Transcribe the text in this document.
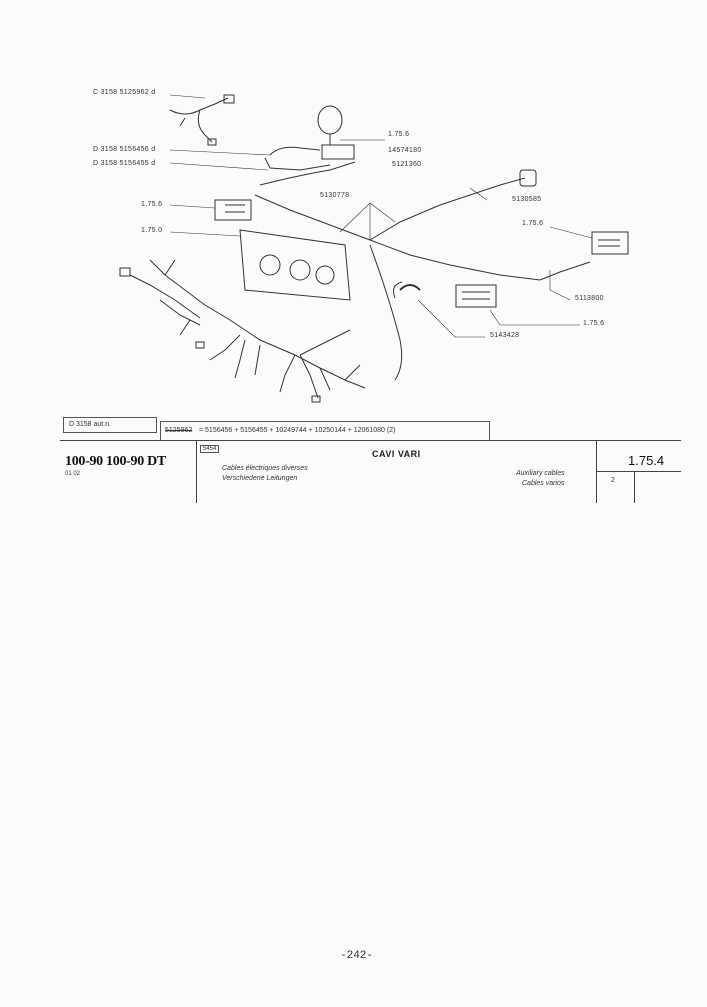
C 3158 5125962 d
1.75.6
D 3158 5156456 d
D 3158 5156455 d
14574180
5121360
5130778
5130585
1.75.6
1.75.0
1.75.6
5113800
1.75.6
5143428
D 3158 aut.n.
5125962 = 5156456 + 5156455 + 10249744 + 10250144 + 12061080 (2)
100-90 100-90 DT
01 02
5454	CAVI VARI
Cables électriques diverses
Verschiedene Leitungen
Auxiliary cables
Cables varios
1.75.4
2
-242-
